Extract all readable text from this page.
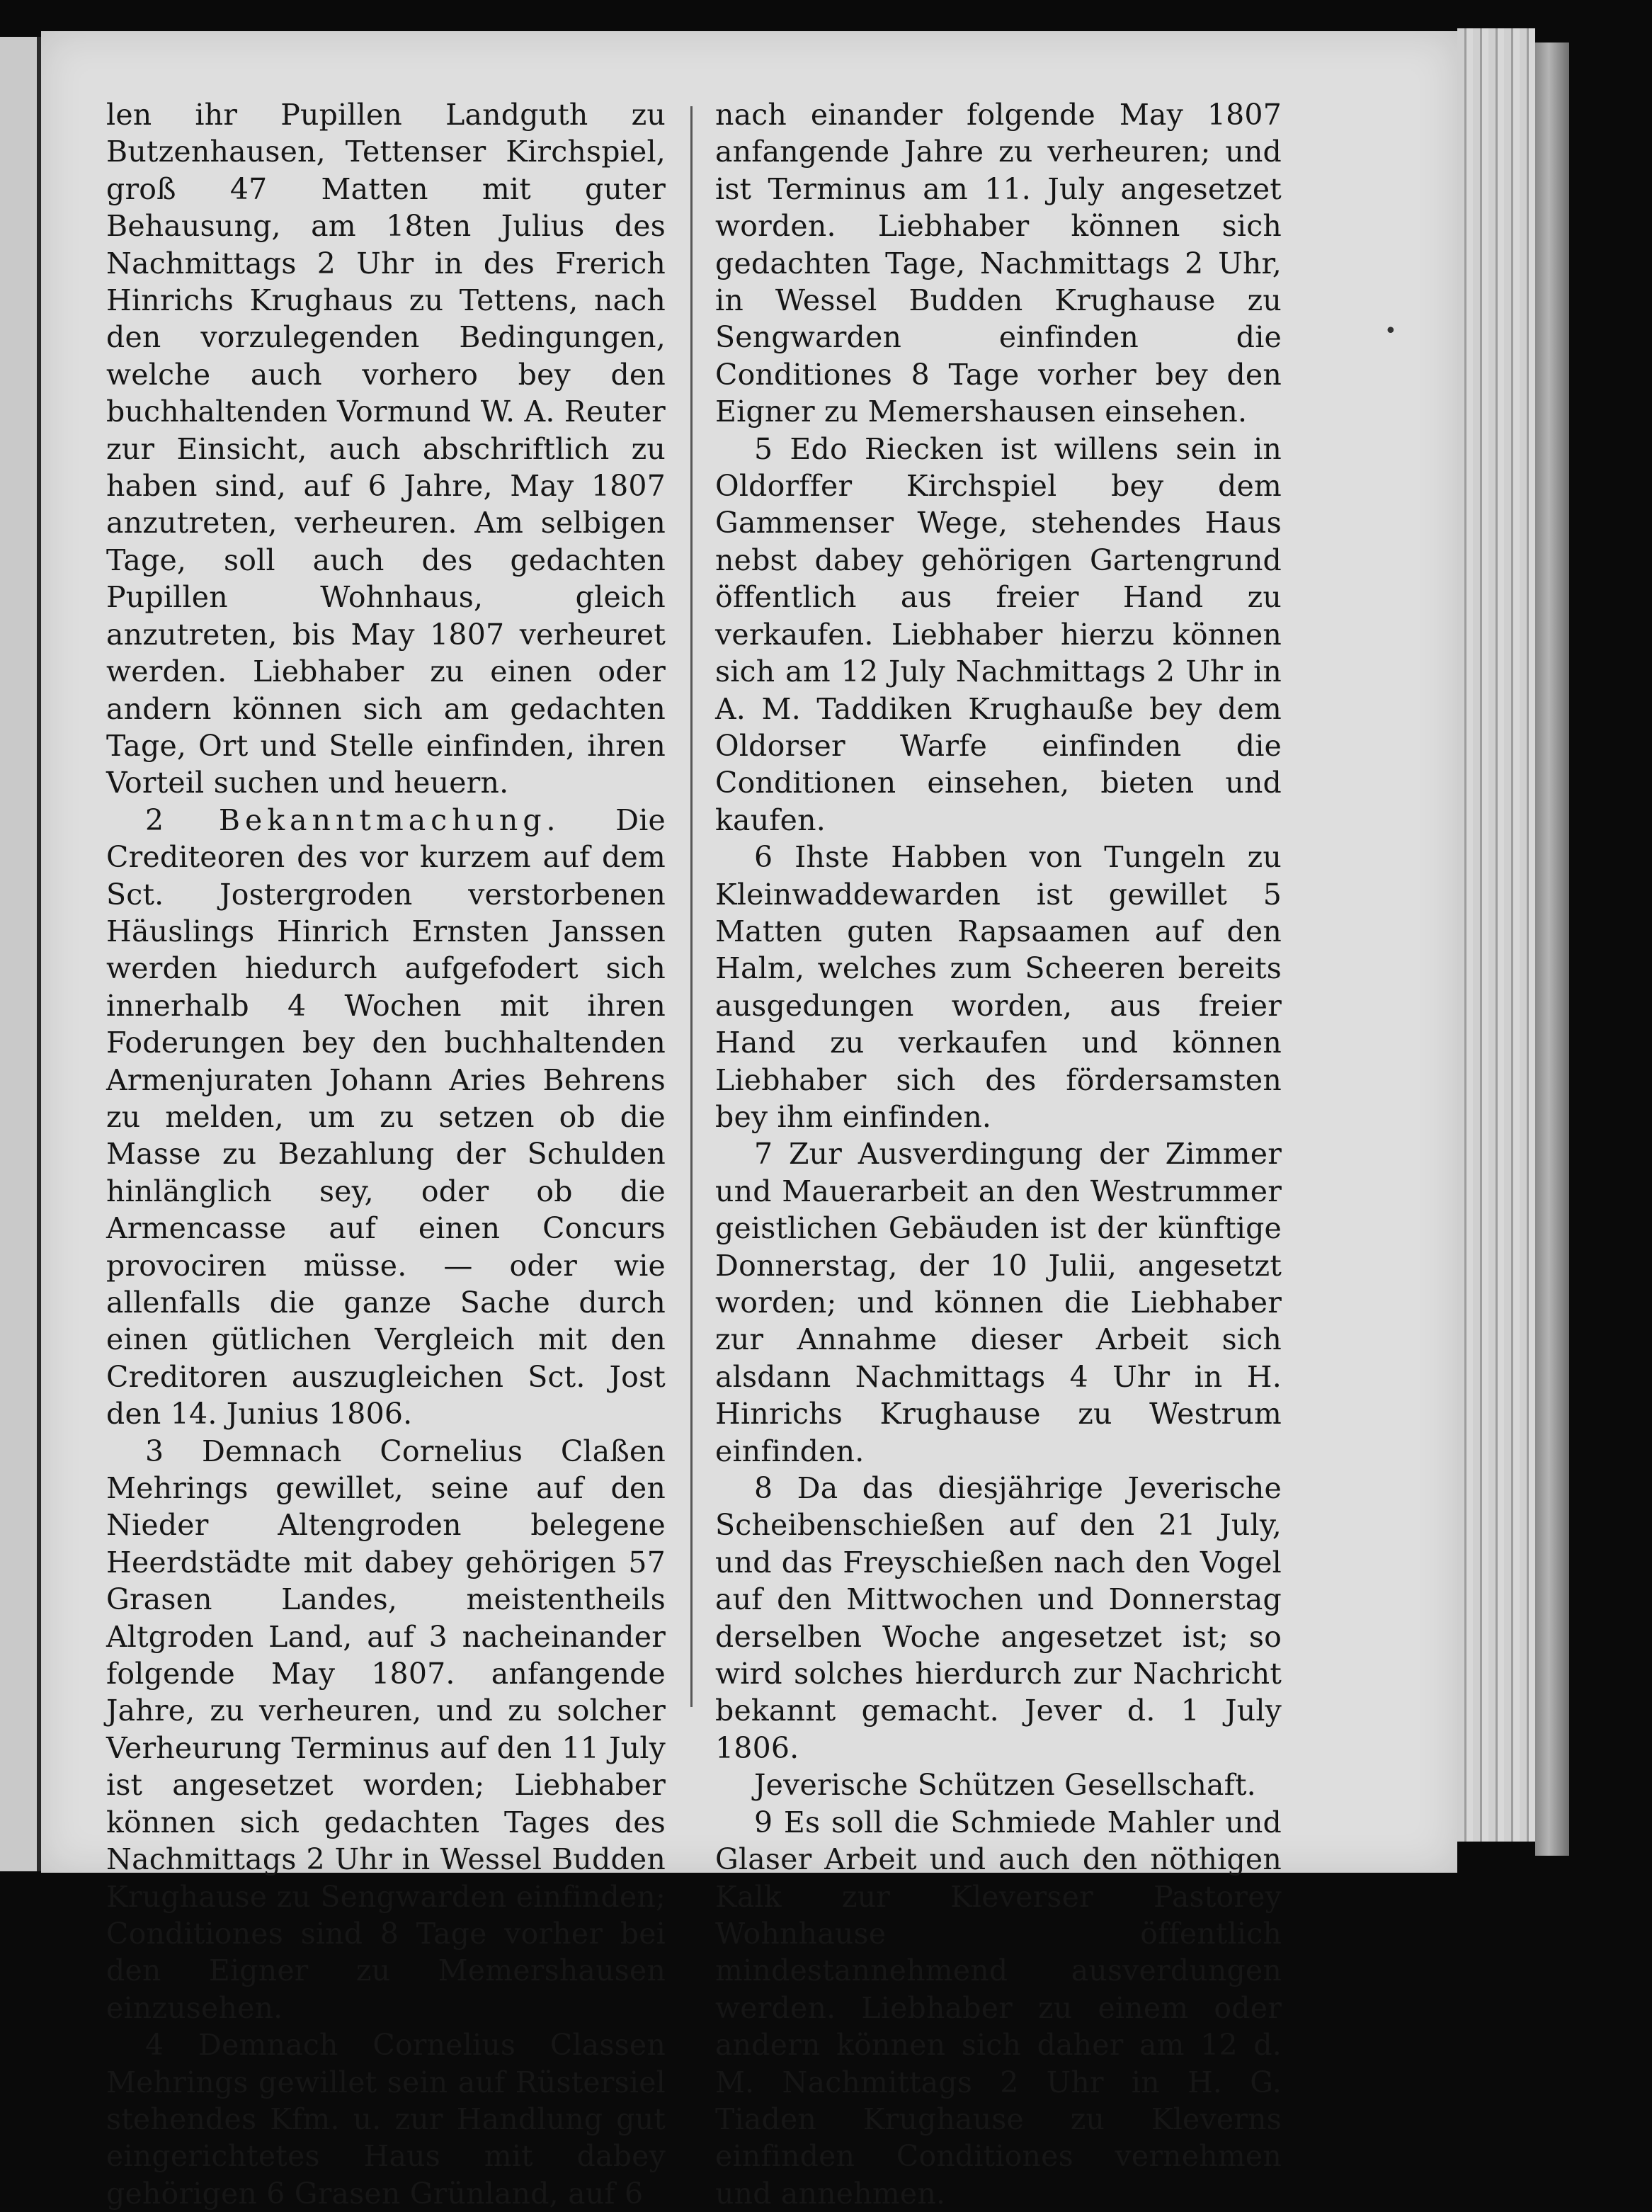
len ihr Pupillen Landguth zu Butzenhausen, Tettenser Kirchspiel, groß 47 Matten mit guter Behausung, am 18ten Julius des Nachmittags 2 Uhr in des Frerich Hinrichs Krughaus zu Tettens, nach den vorzulegenden Bedingungen, welche auch vorhero bey den buchhaltenden Vormund W. A. Reuter zur Einsicht, auch abschriftlich zu haben sind, auf 6 Jahre, May 1807 anzutreten, verheuren. Am selbigen Tage, soll auch des gedachten Pupillen Wohnhaus, gleich anzutreten, bis May 1807 verheuret werden. Liebhaber zu einen oder andern können sich am gedachten Tage, Ort und Stelle einfinden, ihren Vorteil suchen und heuern.

2 Bekanntmachung. Die Crediteoren des vor kurzem auf dem Sct. Jostergroden verstorbenen Häuslings Hinrich Ernsten Janssen werden hiedurch aufgefodert sich innerhalb 4 Wochen mit ihren Foderungen bey den buchhaltenden Armenjuraten Johann Aries Behrens zu melden, um zu setzen ob die Masse zu Bezahlung der Schulden hinlänglich sey, oder ob die Armencasse auf einen Concurs provociren müsse. — oder wie allenfalls die ganze Sache durch einen gütlichen Vergleich mit den Creditoren auszugleichen Sct. Jost den 14. Junius 1806.

3 Demnach Cornelius Claßen Mehrings gewillet, seine auf den Nieder Altengroden belegene Heerdstädte mit dabey gehörigen 57 Grasen Landes, meistentheils Altgroden Land, auf 3 nacheinander folgende May 1807. anfangende Jahre, zu verheuren, und zu solcher Verheurung Terminus auf den 11 July ist angesetzet worden; Liebhaber können sich gedachten Tages des Nachmittags 2 Uhr in Wessel Budden Krughause zu Sengwarden einfinden; Conditiones sind 8 Tage vorher bei den Eigner zu Memershausen einzusehen.

4 Demnach Cornelius Classen Mehrings gewillet sein auf Rüstersiel stehendes Kfm. u. zur Handlung gut eingerichtetes Haus mit dabey gehörigen 6 Grasen Grünland, auf 6

nach einander folgende May 1807 anfangende Jahre zu verheuren; und ist Terminus am 11. July angesetzet worden. Liebhaber können sich gedachten Tage, Nachmittags 2 Uhr, in Wessel Budden Krughause zu Sengwarden einfinden die Conditiones 8 Tage vorher bey den Eigner zu Memershausen einsehen.

5 Edo Riecken ist willens sein in Oldorffer Kirchspiel bey dem Gammenser Wege, stehendes Haus nebst dabey gehörigen Gartengrund öffentlich aus freier Hand zu verkaufen. Liebhaber hierzu können sich am 12 July Nachmittags 2 Uhr in A. M. Taddiken Krughauße bey dem Oldorser Warfe einfinden die Conditionen einsehen, bieten und kaufen.

6 Ihste Habben von Tungeln zu Kleinwaddewarden ist gewillet 5 Matten guten Rapsaamen auf den Halm, welches zum Scheeren bereits ausgedungen worden, aus freier Hand zu verkaufen und können Liebhaber sich des fördersamsten bey ihm einfinden.

7 Zur Ausverdingung der Zimmer und Mauerarbeit an den Westrummer geistlichen Gebäuden ist der künftige Donnerstag, der 10 Julii, angesetzt worden; und können die Liebhaber zur Annahme dieser Arbeit sich alsdann Nachmittags 4 Uhr in H. Hinrichs Krughause zu Westrum einfinden.

8 Da das diesjährige Jeverische Scheibenschießen auf den 21 July, und das Freyschießen nach den Vogel auf den Mittwochen und Donnerstag derselben Woche angesetzet ist; so wird solches hierdurch zur Nachricht bekannt gemacht. Jever d. 1 July 1806.

Jeverische Schützen Gesellschaft.

9 Es soll die Schmiede Mahler und Glaser Arbeit und auch den nöthigen Kalk zur Kleverser Pastorey Wohnhause öffentlich mindestannehmend ausverdungen werden. Liebhaber zu einem oder andern können sich daher am 12 d. M. Nachmittags 2 Uhr in H. G. Tiaden Krughause zu Kleverns einfinden Conditiones vernehmen und annehmen.

•
